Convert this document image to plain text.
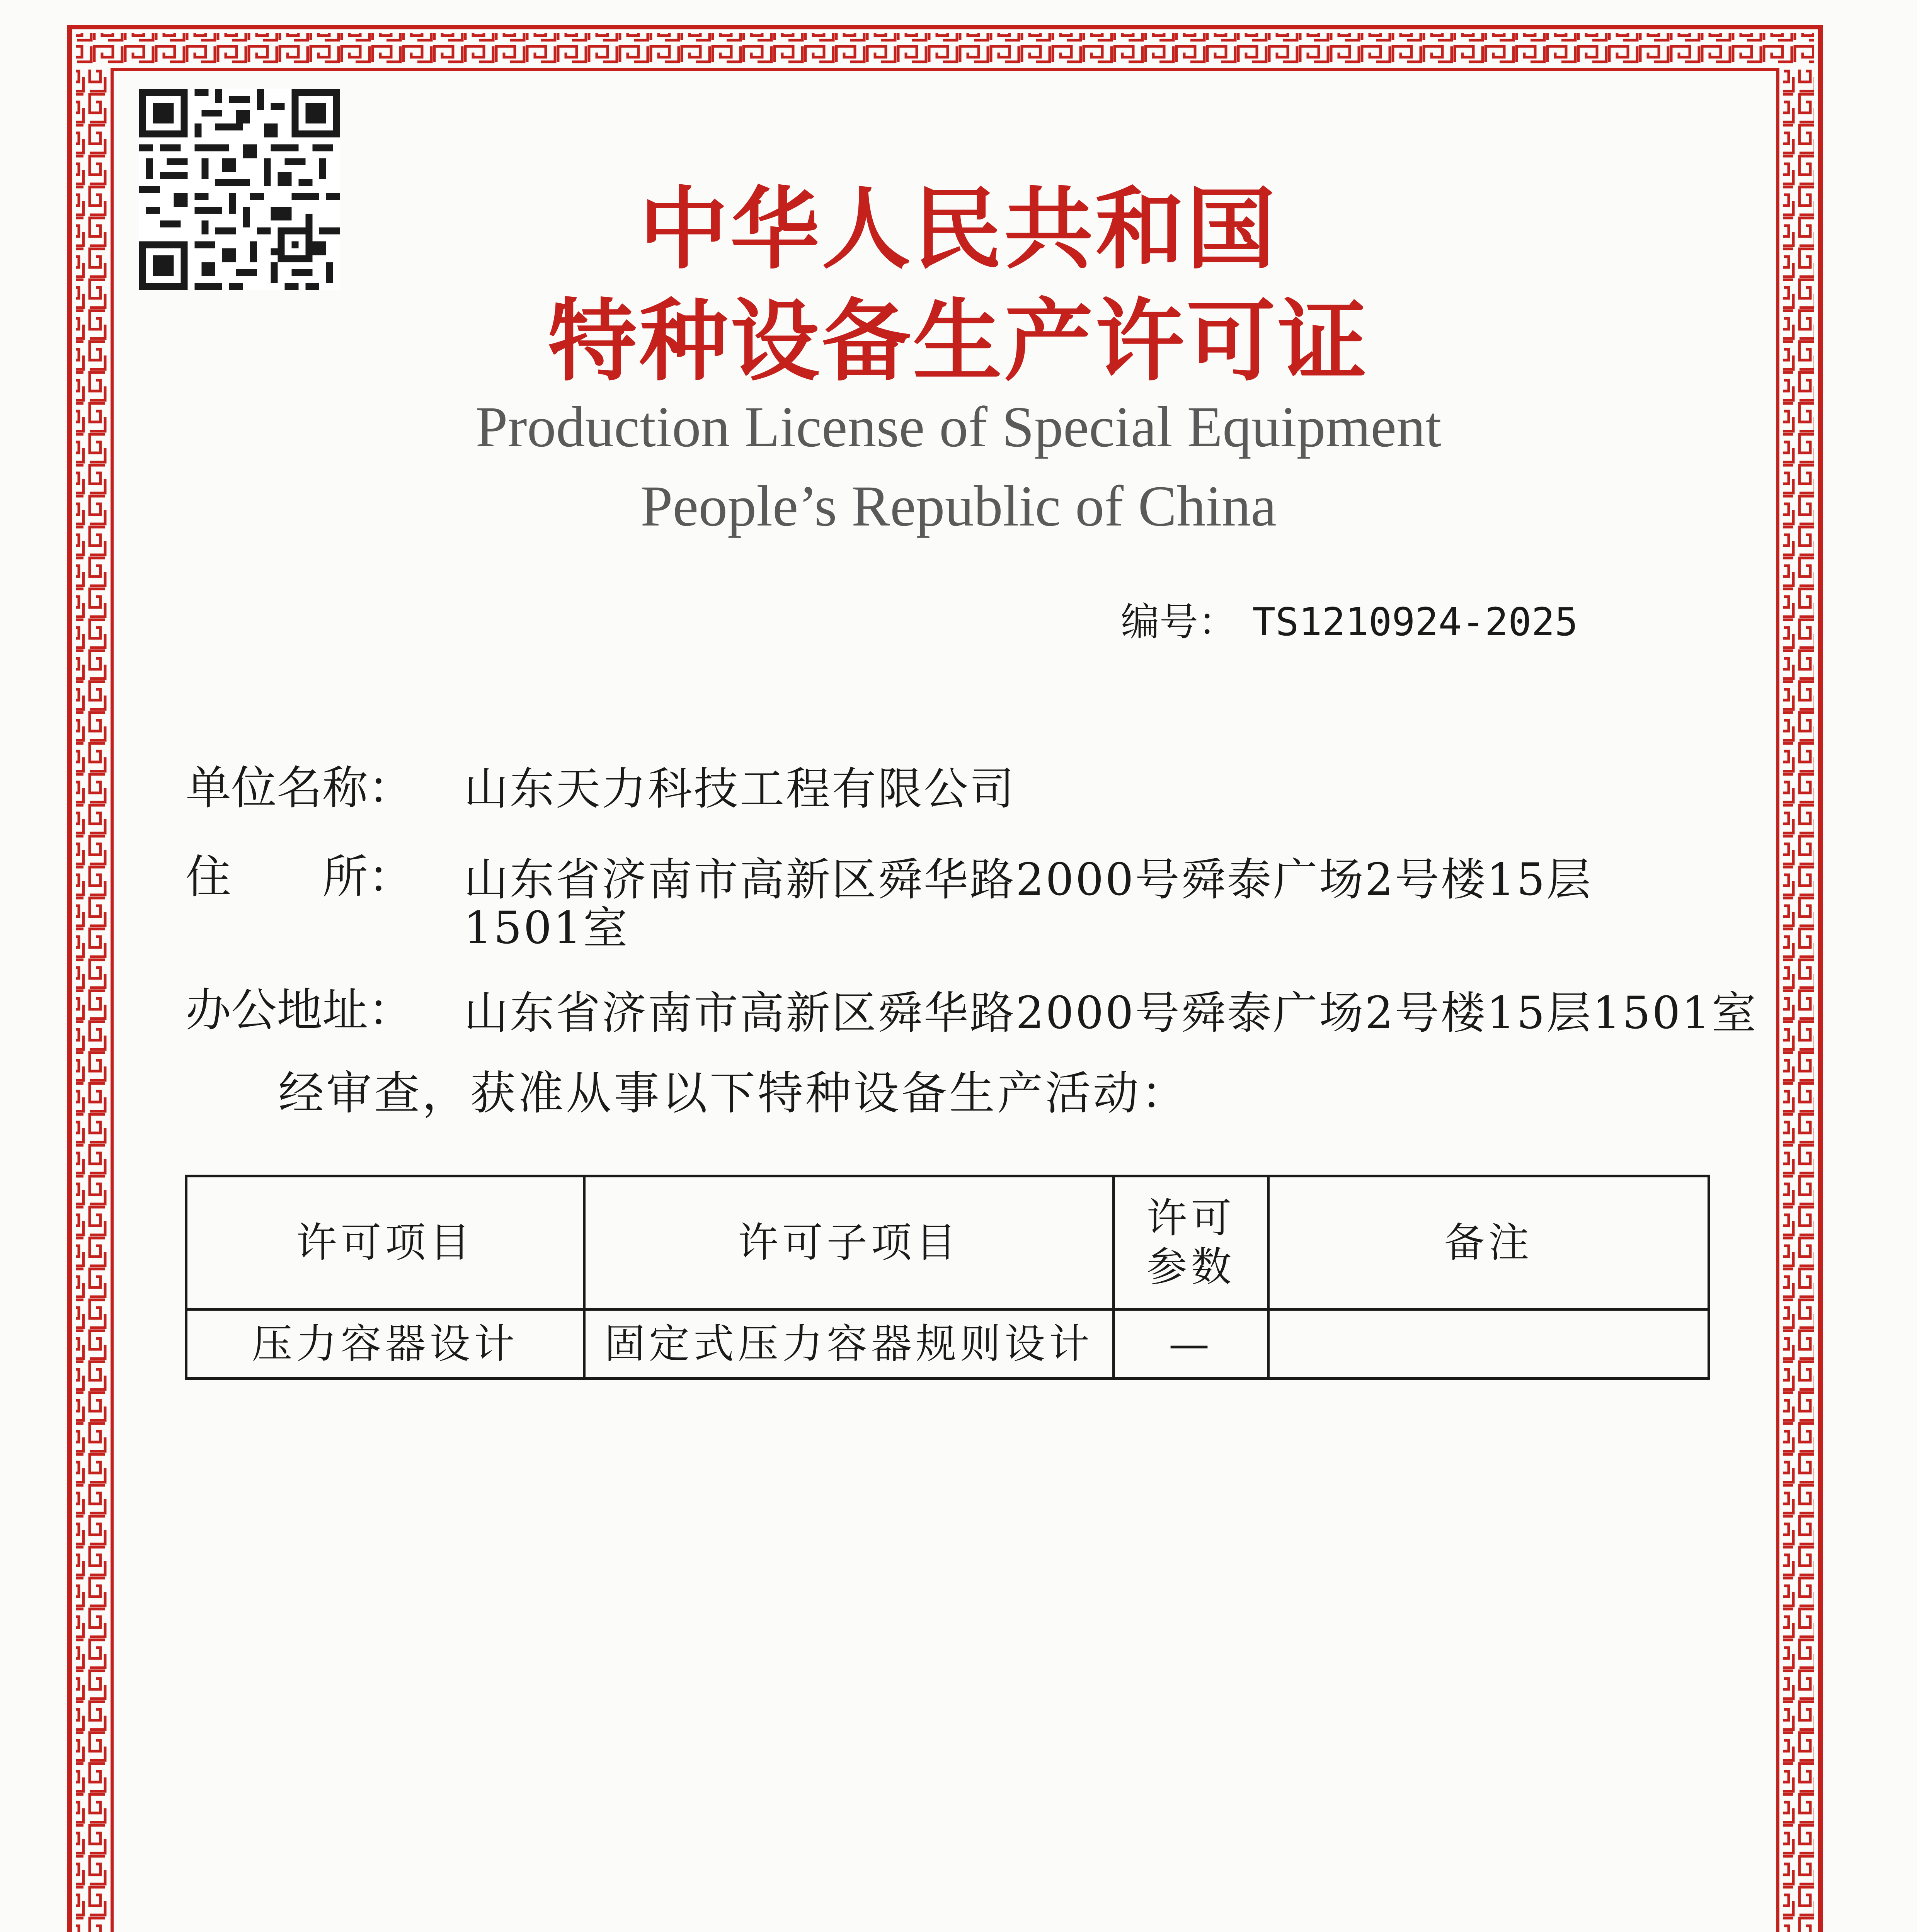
中华人民共和国
特种设备生产许可证
Production License of Special Equipment
People’s Republic of China
编号： TS1210924-2025
单位名称： 山东天力科技工程有限公司
住　　所： 山东省济南市高新区舜华路2000号舜泰广场2号楼15层
1501室
办公地址： 山东省济南市高新区舜华路2000号舜泰广场2号楼15层1501室
经审查，获准从事以下特种设备生产活动：
许可项目	许可子项目	许可参数	备注
压力容器设计	固定式压力容器规则设计	—	
